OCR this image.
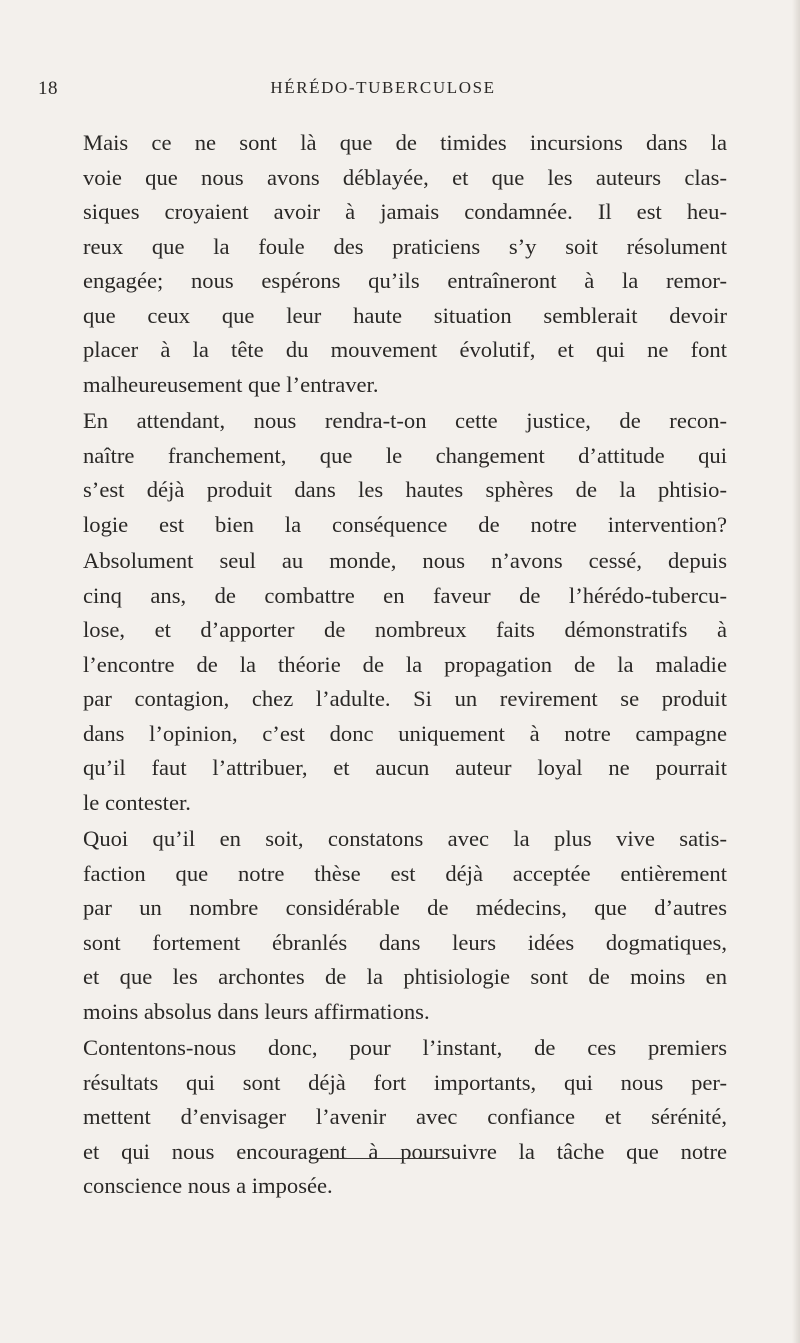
18	HÉRÉDO-TUBERCULOSE
Mais ce ne sont là que de timides incursions dans la
voie que nous avons déblayée, et que les auteurs clas-
siques croyaient avoir à jamais condamnée. Il est heu-
reux que la foule des praticiens s’y soit résolument
engagée; nous espérons qu’ils entraîneront à la remor-
que ceux que leur haute situation semblerait devoir
placer à la tête du mouvement évolutif, et qui ne font
malheureusement que l’entraver.
En attendant, nous rendra-t-on cette justice, de recon-
naître franchement, que le changement d’attitude qui
s’est déjà produit dans les hautes sphères de la phtisio-
logie est bien la conséquence de notre intervention?
Absolument seul au monde, nous n’avons cessé, depuis
cinq ans, de combattre en faveur de l’hérédo-tubercu-
lose, et d’apporter de nombreux faits démonstratifs à
l’encontre de la théorie de la propagation de la maladie
par contagion, chez l’adulte. Si un revirement se produit
dans l’opinion, c’est donc uniquement à notre campagne
qu’il faut l’attribuer, et aucun auteur loyal ne pourrait
le contester.
Quoi qu’il en soit, constatons avec la plus vive satis-
faction que notre thèse est déjà acceptée entièrement
par un nombre considérable de médecins, que d’autres
sont fortement ébranlés dans leurs idées dogmatiques,
et que les archontes de la phtisiologie sont de moins en
moins absolus dans leurs affirmations.
Contentons-nous donc, pour l’instant, de ces premiers
résultats qui sont déjà fort importants, qui nous per-
mettent d’envisager l’avenir avec confiance et sérénité,
et qui nous encouragent à poursuivre la tâche que notre
conscience nous a imposée.
